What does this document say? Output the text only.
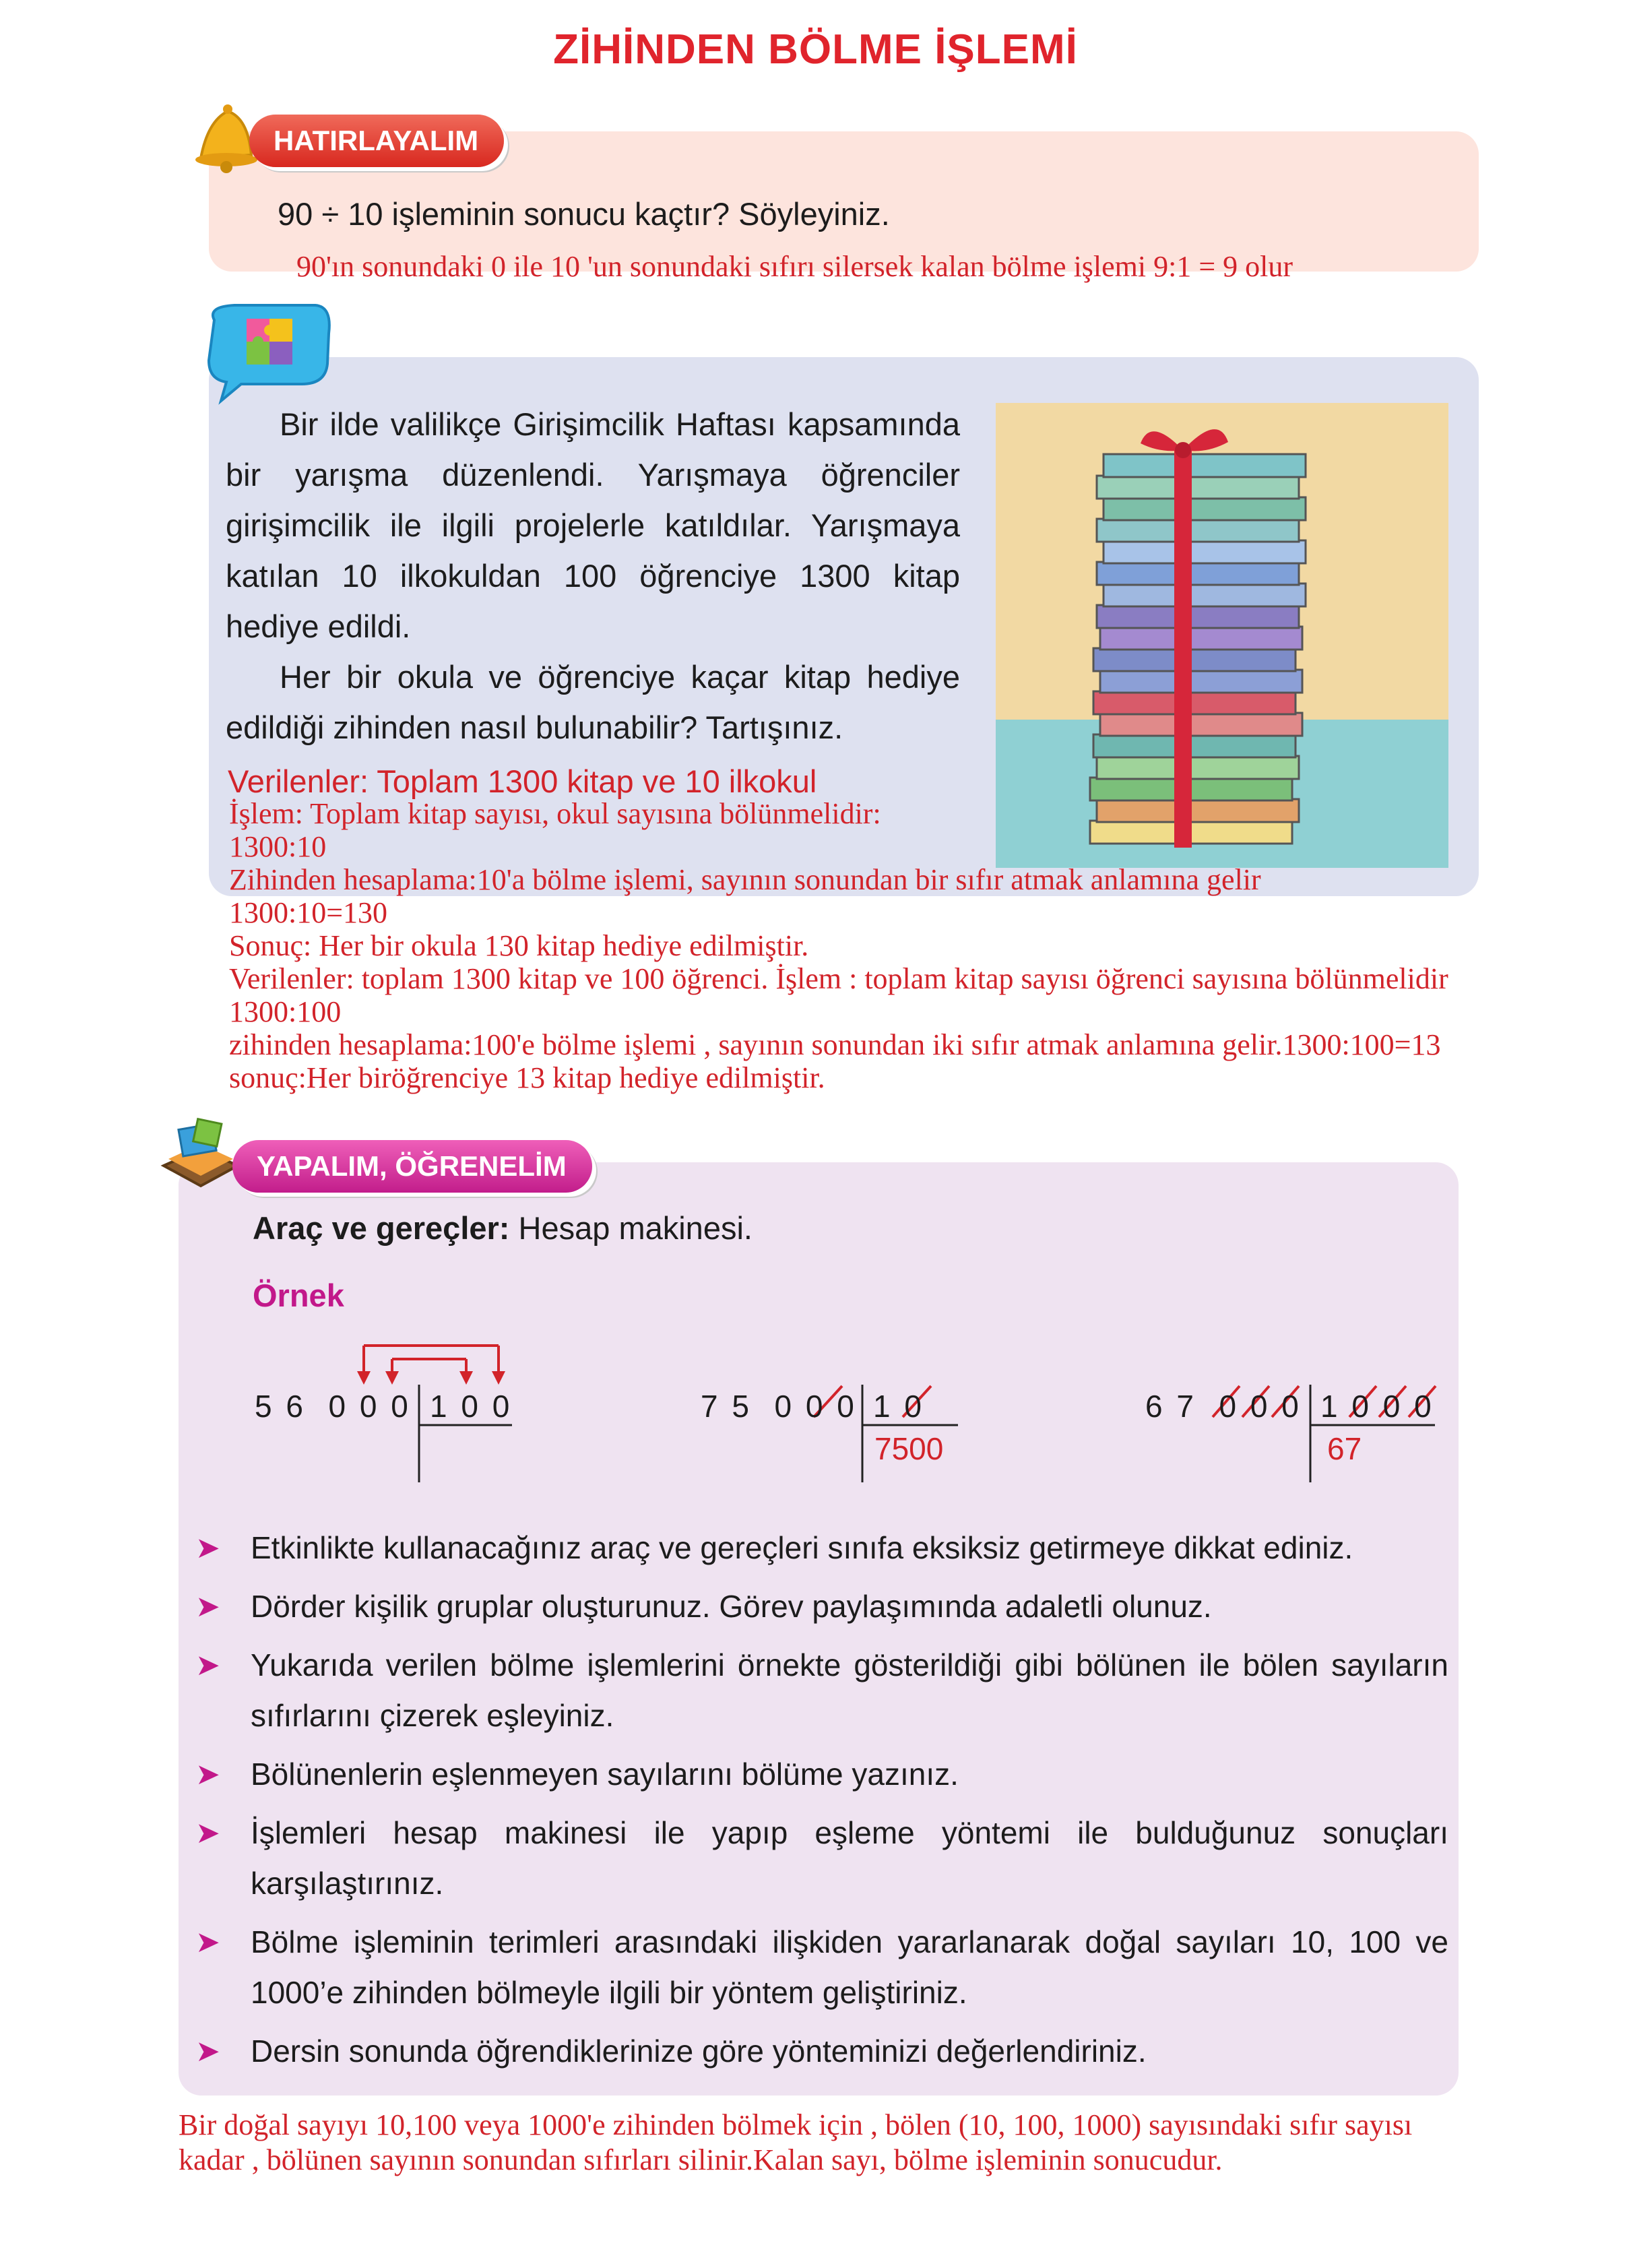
ZİHİNDEN BÖLME İŞLEMİ
HATIRLAYALIM
90 ÷ 10 işleminin sonucu kaçtır? Söyleyiniz.
90'ın sonundaki 0 ile 10 'un sonundaki sıfırı silersek kalan bölme işlemi 9:1 = 9 olur
Bir ilde valilikçe Girişimcilik Haftası kapsamında bir yarışma düzenlendi. Yarışmaya öğrenciler girişimcilik ile ilgili projelerle katıldılar. Yarışmaya katılan 10 ilkokuldan 100 öğrenciye 1300 kitap hediye edildi.
Her bir okula ve öğrenciye kaçar kitap hediye edildiği zihinden nasıl bulunabilir? Tartışınız.
Verilenler: Toplam 1300 kitap ve 10 ilkokul
İşlem: Toplam kitap sayısı, okul sayısına bölünmelidir:
1300:10
Zihinden hesaplama:10'a bölme işlemi, sayının sonundan bir sıfır atmak anlamına gelir
1300:10=130
Sonuç: Her bir okula 130 kitap hediye edilmiştir.
Verilenler: toplam 1300 kitap ve 100 öğrenci. İşlem : toplam kitap sayısı öğrenci sayısına bölünmelidir
1300:100
zihinden hesaplama:100'e bölme işlemi , sayının sonundan iki sıfır atmak anlamına gelir.1300:100=13
sonuç:Her biröğrenciye 13 kitap hediye edilmiştir.
YAPALIM, ÖĞRENELİM
Araç ve gereçler: Hesap makinesi.
Örnek
5 6  0 0 0 1 0 0	7 5  0 0 0 1 0
7500
6 7  0 0 0 1 0 0 0
67
➤ Etkinlikte kullanacağınız araç ve gereçleri sınıfa eksiksiz getirmeye dikkat ediniz.
➤ Dörder kişilik gruplar oluşturunuz. Görev paylaşımında adaletli olunuz.
➤ Yukarıda verilen bölme işlemlerini örnekte gösterildiği gibi bölünen ile bölen sayıların sıfırlarını çizerek eşleyiniz.
➤ Bölünenlerin eşlenmeyen sayılarını bölüme yazınız.
➤ İşlemleri hesap makinesi ile yapıp eşleme yöntemi ile bulduğunuz sonuçları karşılaştırınız.
➤ Bölme işleminin terimleri arasındaki ilişkiden yararlanarak doğal sayıları 10, 100 ve 1000’e zihinden bölmeyle ilgili bir yöntem geliştiriniz.
➤ Dersin sonunda öğrendiklerinize göre yönteminizi değerlendiriniz.
Bir doğal sayıyı 10,100 veya 1000'e zihinden bölmek için , bölen (10, 100, 1000) sayısındaki sıfır sayısı
kadar , bölünen sayının sonundan sıfırları silinir.Kalan sayı, bölme işleminin sonucudur.
